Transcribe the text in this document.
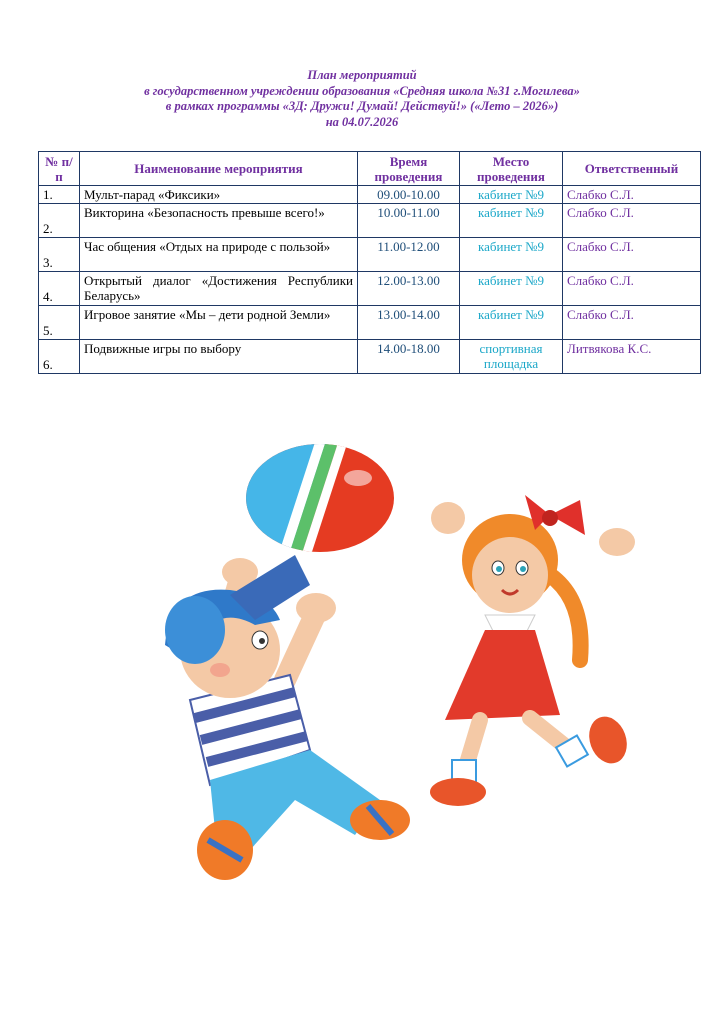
План мероприятий
в государственном учреждении образования «Средняя школа №31 г.Могилева»
в рамках программы «3Д: Дружи! Думай! Действуй!» («Лето – 2026»)
на 04.07.2026
№ п/п	Наименование мероприятия	Время проведения	Место проведения	Ответственный
1.	Мульт-парад «Фиксики»	09.00-10.00	кабинет №9	Слабко С.Л.
2.	Викторина «Безопасность превыше всего!»	10.00-11.00	кабинет №9	Слабко С.Л.
3.	Час общения «Отдых на природе с пользой»	11.00-12.00	кабинет №9	Слабко С.Л.
4.	Открытый диалог «Достижения Республики Беларусь»	12.00-13.00	кабинет №9	Слабко С.Л.
5.	Игровое занятие «Мы – дети родной Земли»	13.00-14.00	кабинет №9	Слабко С.Л.
6.	Подвижные игры по выбору	14.00-18.00	спортивная площадка	Литвякова К.С.
